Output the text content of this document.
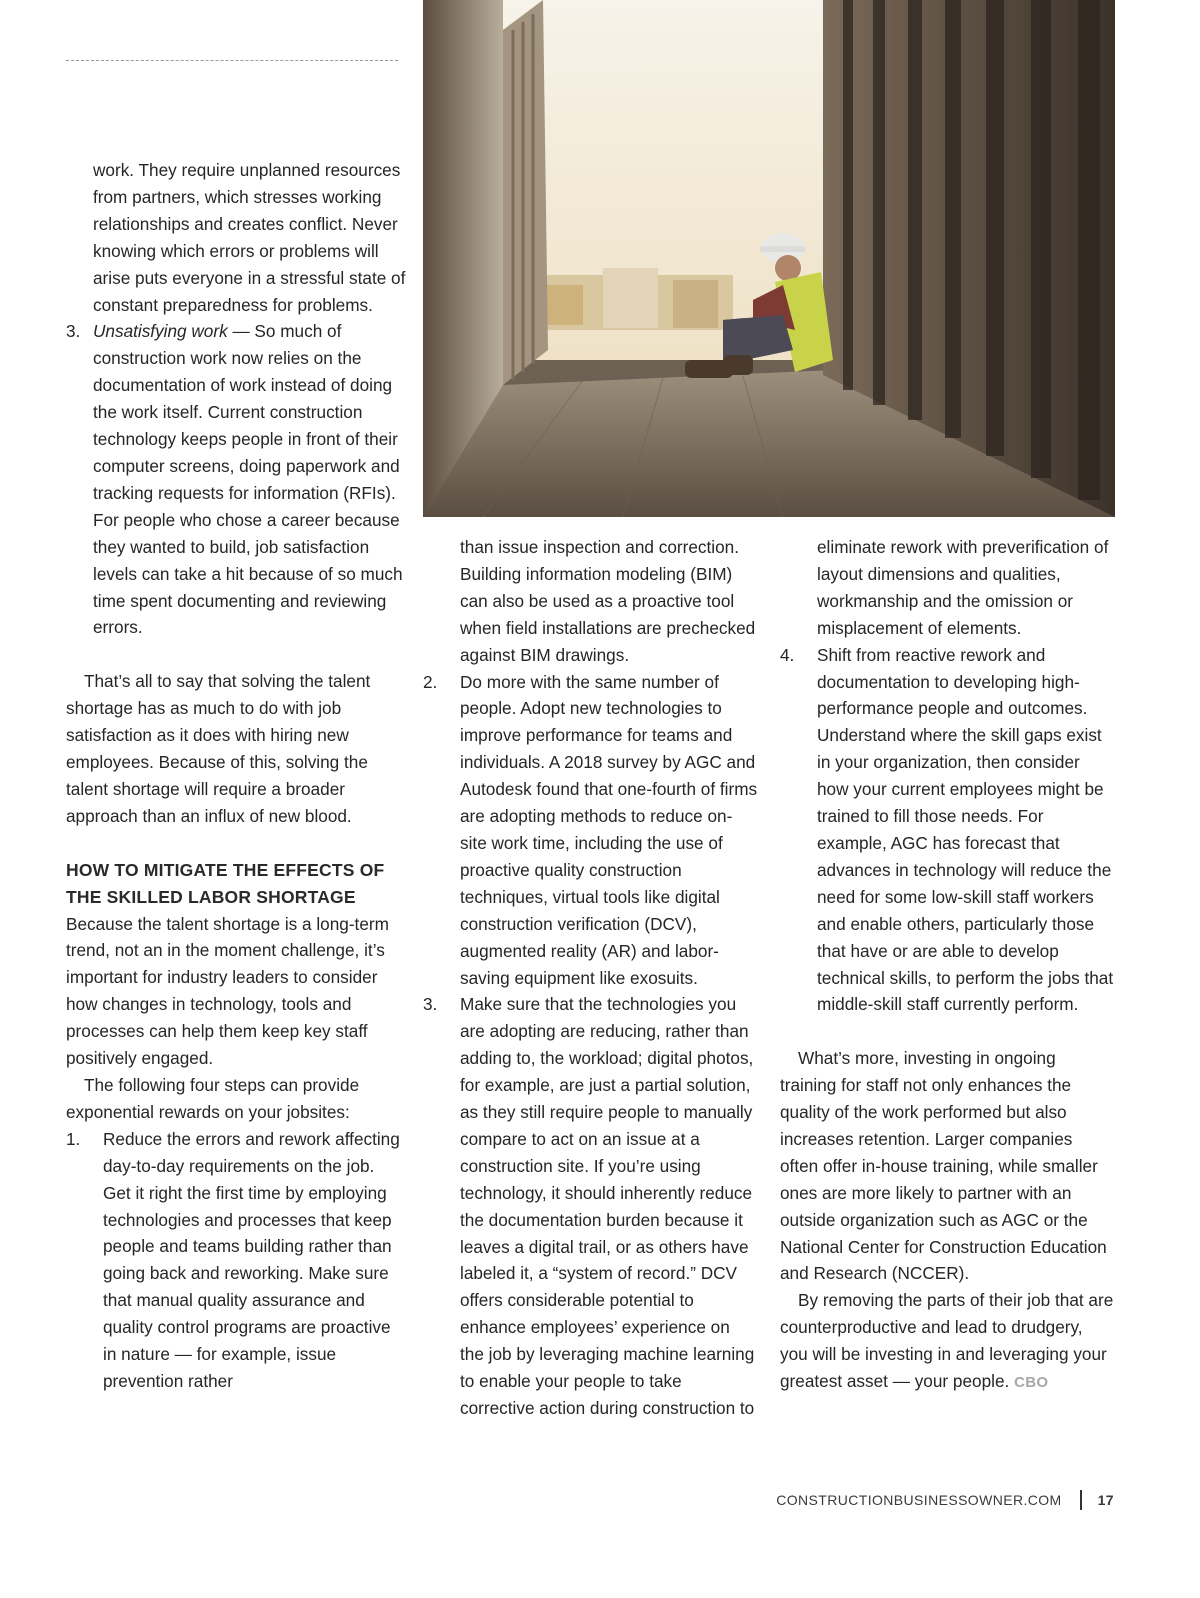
work. They require unplanned resources from partners, which stresses working relationships and creates conflict. Never knowing which errors or problems will arise puts everyone in a stressful state of constant preparedness for problems.
3. Unsatisfying work — So much of construction work now relies on the documentation of work instead of doing the work itself. Current construction technology keeps people in front of their computer screens, doing paperwork and tracking requests for information (RFIs). For people who chose a career because they wanted to build, job satisfaction levels can take a hit because of so much time spent documenting and reviewing errors.
That’s all to say that solving the talent shortage has as much to do with job satisfaction as it does with hiring new employees. Because of this, solving the talent shortage will require a broader approach than an influx of new blood.
HOW TO MITIGATE THE EFFECTS OF THE SKILLED LABOR SHORTAGE
Because the talent shortage is a long-term trend, not an in the moment challenge, it’s important for industry leaders to consider how changes in technology, tools and processes can help them keep key staff positively engaged.
The following four steps can provide exponential rewards on your jobsites:
1.	Reduce the errors and rework affecting day-to-day requirements on the job. Get it right the first time by employing technologies and processes that keep people and teams building rather than going back and reworking. Make sure that manual quality assurance and quality control programs are proactive in nature — for example, issue prevention rather
than issue inspection and correction. Building information modeling (BIM) can also be used as a proactive tool when field installations are prechecked against BIM drawings.
2.	Do more with the same number of people. Adopt new technologies to improve performance for teams and individuals. A 2018 survey by AGC and Autodesk found that one-fourth of firms are adopting methods to reduce on-site work time, including the use of proactive quality construction techniques, virtual tools like digital construction verification (DCV), augmented reality (AR) and labor-saving equipment like exosuits.
3.	Make sure that the technologies you are adopting are reducing, rather than adding to, the workload; digital photos, for example, are just a partial solution, as they still require people to manually compare to act on an issue at a construction site. If you’re using technology, it should inherently reduce the documentation burden because it leaves a digital trail, or as others have labeled it, a “system of record.” DCV offers considerable potential to enhance employees’ experience on the job by leveraging machine learning to enable your people to take corrective action during construction to
eliminate rework with preverification of layout dimensions and qualities, workmanship and the omission or misplacement of elements.
4.	Shift from reactive rework and documentation to developing high-performance people and outcomes. Understand where the skill gaps exist in your organization, then consider how your current employees might be trained to fill those needs. For example, AGC has forecast that advances in technology will reduce the need for some low-skill staff workers and enable others, particularly those that have or are able to develop technical skills, to perform the jobs that middle-skill staff currently perform.
What’s more, investing in ongoing training for staff not only enhances the quality of the work performed but also increases retention. Larger companies often offer in-house training, while smaller ones are more likely to partner with an outside organization such as AGC or the National Center for Construction Education and Research (NCCER).
By removing the parts of their job that are counterproductive and lead to drudgery, you will be investing in and leveraging your greatest asset — your people. CBO
CONSTRUCTIONBUSINESSOWNER.COM	17
